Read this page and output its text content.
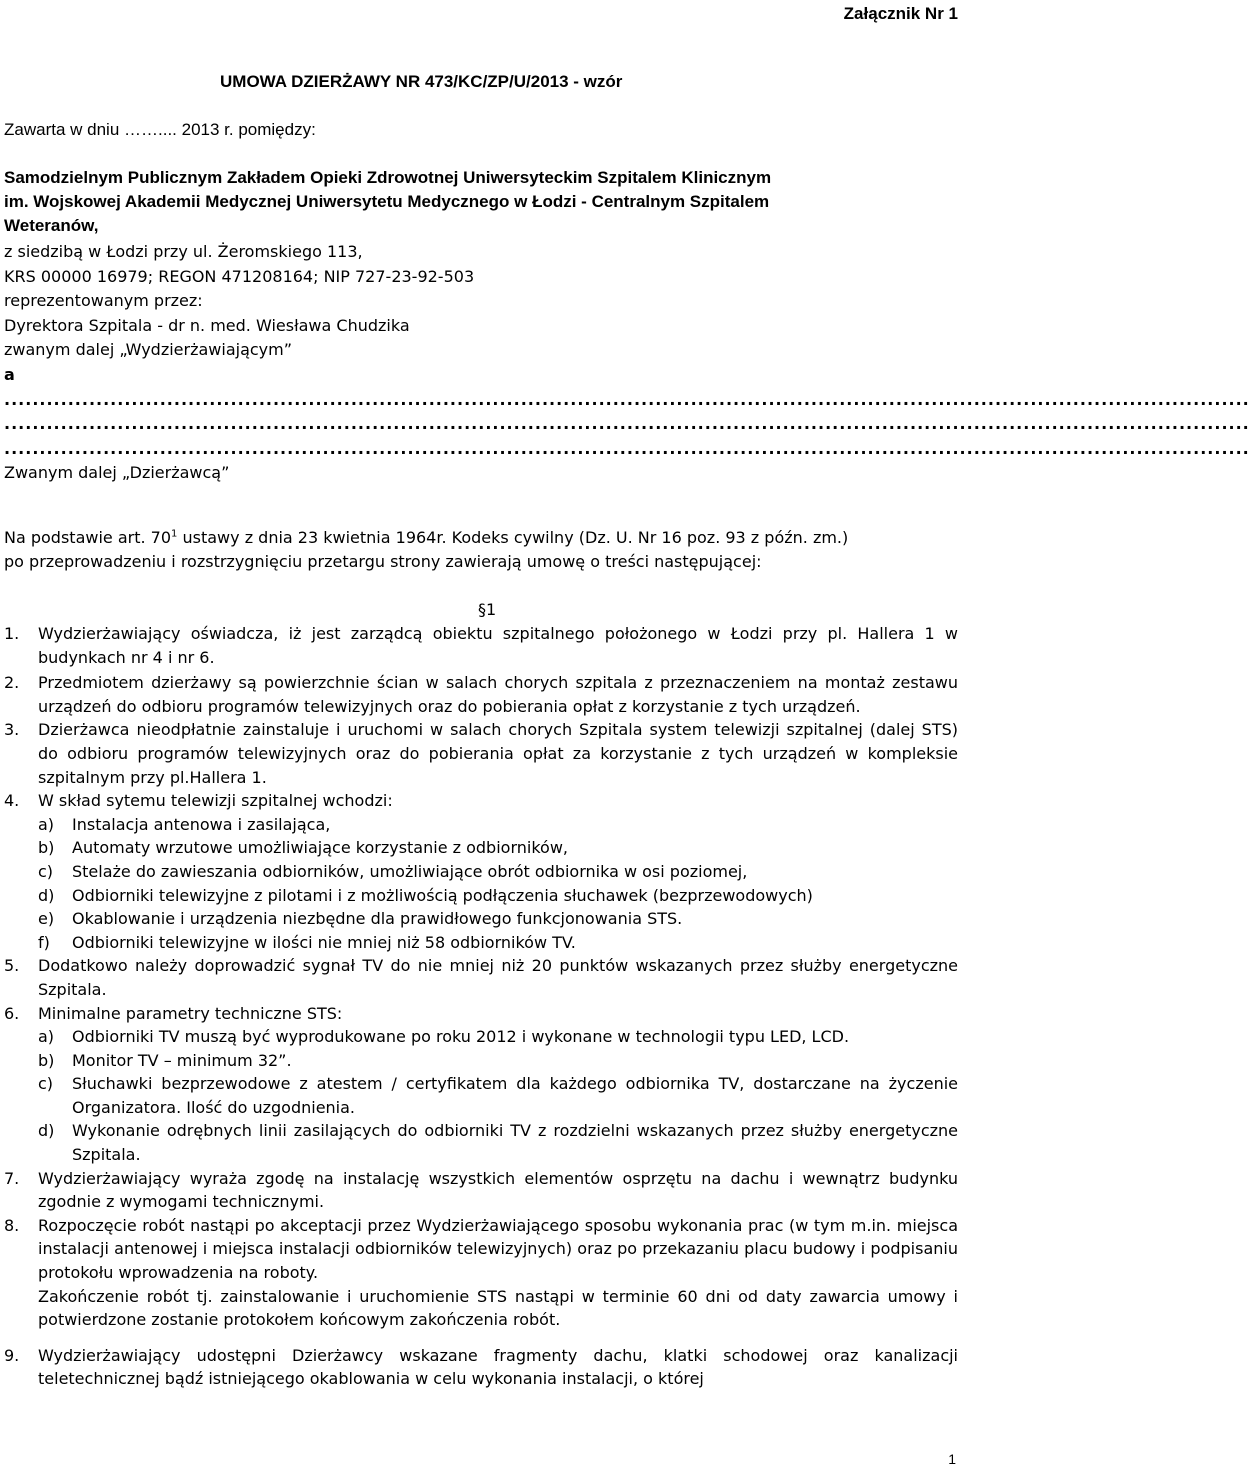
Załącznik Nr 1
UMOWA DZIERŻAWY NR 473/KC/ZP/U/2013 - wzór
Zawarta w dniu …….... 2013 r. pomiędzy:
Samodzielnym Publicznym Zakładem Opieki Zdrowotnej Uniwersyteckim Szpitalem Klinicznym
im. Wojskowej Akademii Medycznej Uniwersytetu Medycznego w Łodzi - Centralnym Szpitalem
Weteranów,
z siedzibą w Łodzi przy ul. Żeromskiego 113,
KRS 00000 16979; REGON 471208164; NIP 727-23-92-503
reprezentowanym przez:
Dyrektora Szpitala - dr n. med. Wiesława Chudzika
zwanym dalej „Wydzierżawiającym”
a
................................................................................................................................................................................
................................................................................................................................................................................
................................................................................................................................................................................
Zwanym dalej „Dzierżawcą”
Na podstawie art. $70^1$ ustawy z dnia 23 kwietnia 1964r. Kodeks cywilny (Dz. U. Nr 16 poz. 93 z późn. zm.)
po przeprowadzeniu i rozstrzygnięciu przetargu strony zawierają umowę o treści następującej:
§1
1. Wydzierżawiający oświadcza, iż jest zarządcą obiektu szpitalnego położonego w Łodzi przy pl. Hallera 1 w budynkach nr 4 i nr 6.
2. Przedmiotem dzierżawy są powierzchnie ścian w salach chorych szpitala z przeznaczeniem na montaż zestawu urządzeń do odbioru programów telewizyjnych oraz do pobierania opłat z korzystanie z tych urządzeń.
3. Dzierżawca nieodpłatnie zainstaluje i uruchomi w salach chorych Szpitala system telewizji szpitalnej (dalej STS) do odbioru programów telewizyjnych oraz do pobierania opłat za korzystanie z tych urządzeń w kompleksie szpitalnym przy pl.Hallera 1.
4. W skład sytemu telewizji szpitalnej wchodzi:
a) Instalacja antenowa i zasilająca,
b) Automaty wrzutowe umożliwiające korzystanie z odbiorników,
c) Stelaże do zawieszania odbiorników, umożliwiające obrót odbiornika w osi poziomej,
d) Odbiorniki telewizyjne z pilotami i z możliwością podłączenia słuchawek (bezprzewodowych)
e) Okablowanie i urządzenia niezbędne dla prawidłowego funkcjonowania STS.
f) Odbiorniki telewizyjne w ilości nie mniej niż 58 odbiorników TV.
5. Dodatkowo należy doprowadzić sygnał TV do nie mniej niż 20 punktów wskazanych przez służby energetyczne Szpitala.
6. Minimalne parametry techniczne STS:
a) Odbiorniki TV muszą być wyprodukowane po roku 2012 i wykonane w technologii typu LED, LCD.
b) Monitor TV – minimum 32”.
c) Słuchawki bezprzewodowe z atestem / certyfikatem dla każdego odbiornika TV, dostarczane na życzenie Organizatora. Ilość do uzgodnienia.
d) Wykonanie odrębnych linii zasilających do odbiorniki TV z rozdzielni wskazanych przez służby energetyczne Szpitala.
7. Wydzierżawiający wyraża zgodę na instalację wszystkich elementów osprzętu na dachu i wewnątrz budynku zgodnie z wymogami technicznymi.
8. Rozpoczęcie robót nastąpi po akceptacji przez Wydzierżawiającego sposobu wykonania prac (w tym m.in. miejsca instalacji antenowej i miejsca instalacji odbiorników telewizyjnych) oraz po przekazaniu placu budowy i podpisaniu protokołu wprowadzenia na roboty.
Zakończenie robót tj. zainstalowanie i uruchomienie STS nastąpi w terminie 60 dni od daty zawarcia umowy i potwierdzone zostanie protokołem końcowym zakończenia robót.
9. Wydzierżawiający udostępni Dzierżawcy wskazane fragmenty dachu, klatki schodowej oraz kanalizacji teletechnicznej bądź istniejącego okablowania w celu wykonania instalacji, o której
1
